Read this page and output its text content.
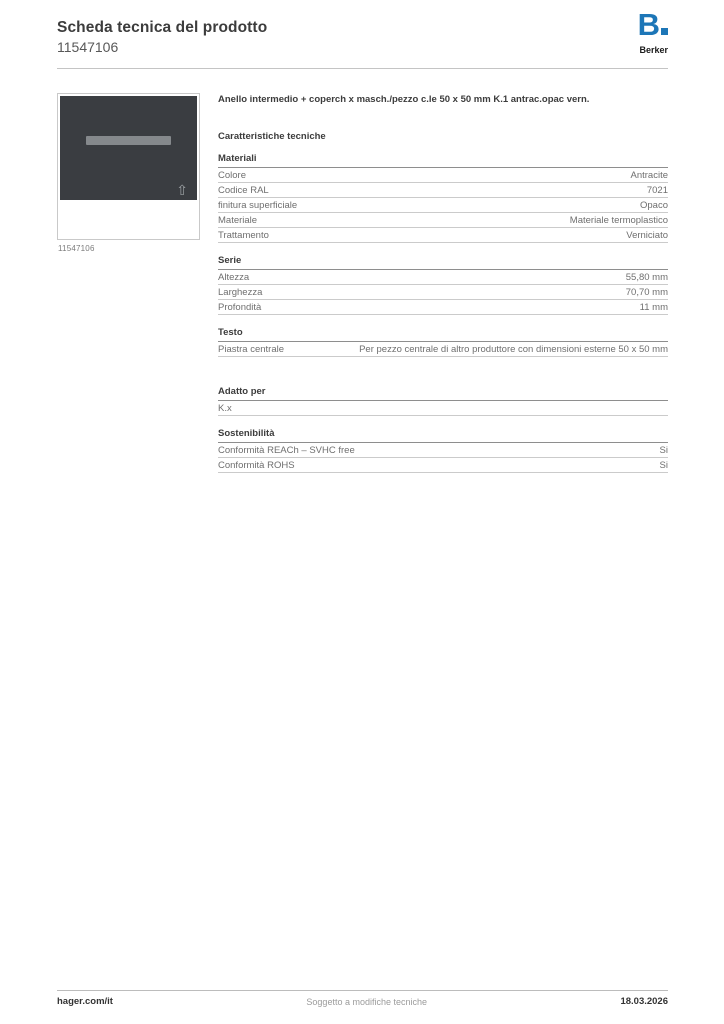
Scheda tecnica del prodotto
11547106
B
Berker
⇧
11547106
Anello intermedio + coperch x masch./pezzo c.le 50 x 50 mm K.1 antrac.opac vern.
Caratteristiche tecniche
Materiali
Colore	Antracite
Codice RAL	7021
finitura superficiale	Opaco
Materiale	Materiale termoplastico
Trattamento	Verniciato
Serie
Altezza	55,80 mm
Larghezza	70,70 mm
Profondità	11 mm
Testo
Piastra centrale	Per pezzo centrale di altro produttore con dimensioni esterne 50 x 50 mm
Adatto per
K.x
Sostenibilità
Conformità REACh – SVHC free	Si
Conformità ROHS	Si
hager.com/it	Soggetto a modifiche tecniche	18.03.2026
